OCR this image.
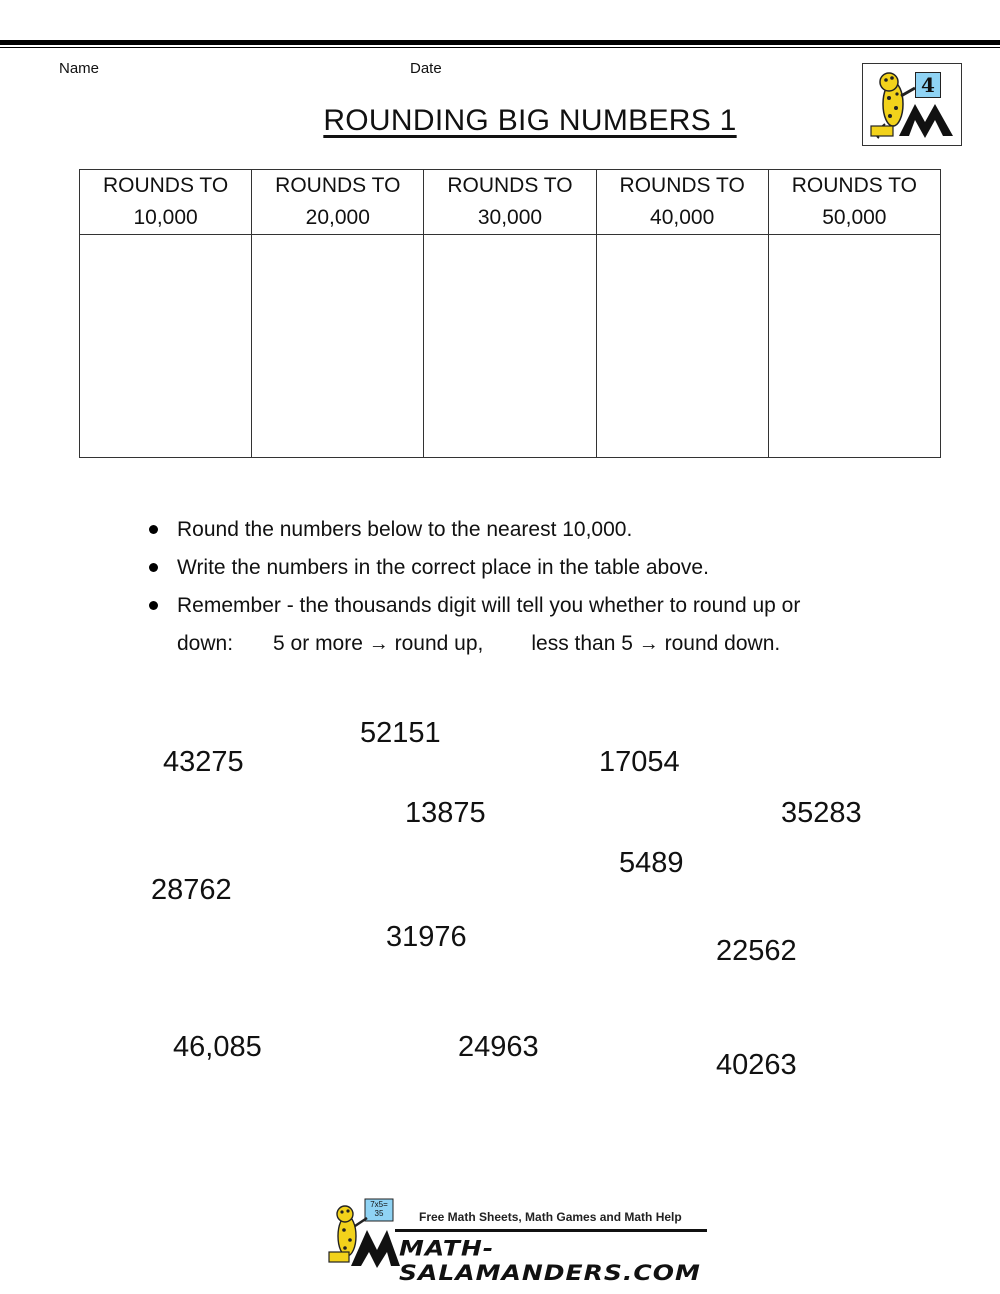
Name	Date
ROUNDING BIG NUMBERS 1
4
ROUNDS TO
10,000	ROUNDS TO
20,000	ROUNDS TO
30,000	ROUNDS TO
40,000	ROUNDS TO
50,000

Round the numbers below to the nearest 10,000.
Write the numbers in the correct place in the table above.
Remember - the thousands digit will tell you whether to round up or
down: 5 or more → round up, less than 5 → round down.
43275
52151
17054
13875	35283
5489
28762
31976	22562
46,085	24963
40263
7x5= 35	Free Math Sheets, Math Games and Math Help
MATH-SALAMANDERS.COM
